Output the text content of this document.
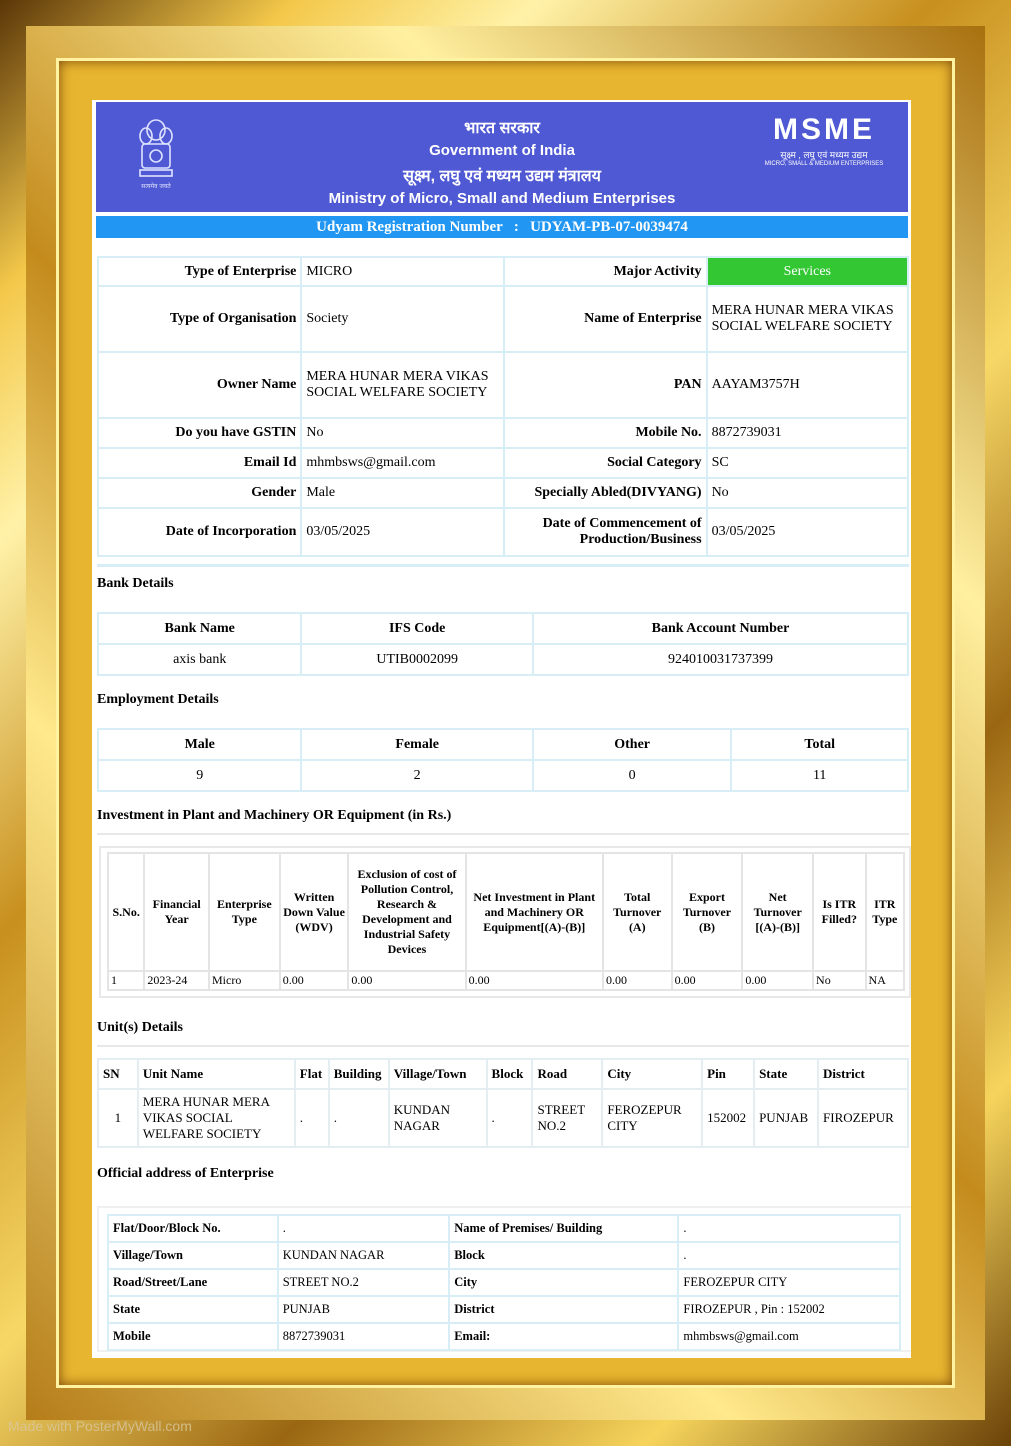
सत्यमेव जयते
भारत सरकार
Government of India
सूक्ष्म, लघु एवं मध्यम उद्यम मंत्रालय
Ministry of Micro, Small and Medium Enterprises
MSME
सूक्ष्म , लघु एवं मध्यम उद्यम
MICRO, SMALL & MEDIUM ENTERPRISES
Udyam Registration Number : UDYAM-PB-07-0039474
Type of Enterprise	MICRO	Major Activity	Services
Type of Organisation	Society	Name of Enterprise	MERA HUNAR MERA VIKAS SOCIAL WELFARE SOCIETY
Owner Name	MERA HUNAR MERA VIKAS SOCIAL WELFARE SOCIETY	PAN	AAYAM3757H
Do you have GSTIN	No	Mobile No.	8872739031
Email Id	mhmbsws@gmail.com	Social Category	SC
Gender	Male	Specially Abled(DIVYANG)	No
Date of Incorporation	03/05/2025	Date of Commencement of Production/Business	03/05/2025
Bank Details
Bank Name	IFS Code	Bank Account Number
axis bank	UTIB0002099	924010031737399
Employment Details
Male	Female	Other	Total
9	2	0	11
Investment in Plant and Machinery OR Equipment (in Rs.)
S.No.	Financial Year	Enterprise Type	Written Down Value (WDV)	Exclusion of cost of Pollution Control, Research & Development and Industrial Safety Devices	Net Investment in Plant and Machinery OR Equipment[(A)-(B)]	Total Turnover (A)	Export Turnover (B)	Net Turnover [(A)-(B)]	Is ITR Filled?	ITR Type
1	2023-24	Micro	0.00	0.00	0.00	0.00	0.00	0.00	No	NA
Unit(s) Details
SN	Unit Name	Flat	Building	Village/Town	Block	Road	City	Pin	State	District
1	MERA HUNAR MERA VIKAS SOCIAL WELFARE SOCIETY	.	.	KUNDAN NAGAR	.	STREET NO.2	FEROZEPUR CITY	152002	PUNJAB	FIROZEPUR
Official address of Enterprise
Flat/Door/Block No.	.	Name of Premises/ Building	.
Village/Town	KUNDAN NAGAR	Block	.
Road/Street/Lane	STREET NO.2	City	FEROZEPUR CITY
State	PUNJAB	District	FIROZEPUR , Pin : 152002
Mobile	8872739031	Email:	mhmbsws@gmail.com
Made with PosterMyWall.com
